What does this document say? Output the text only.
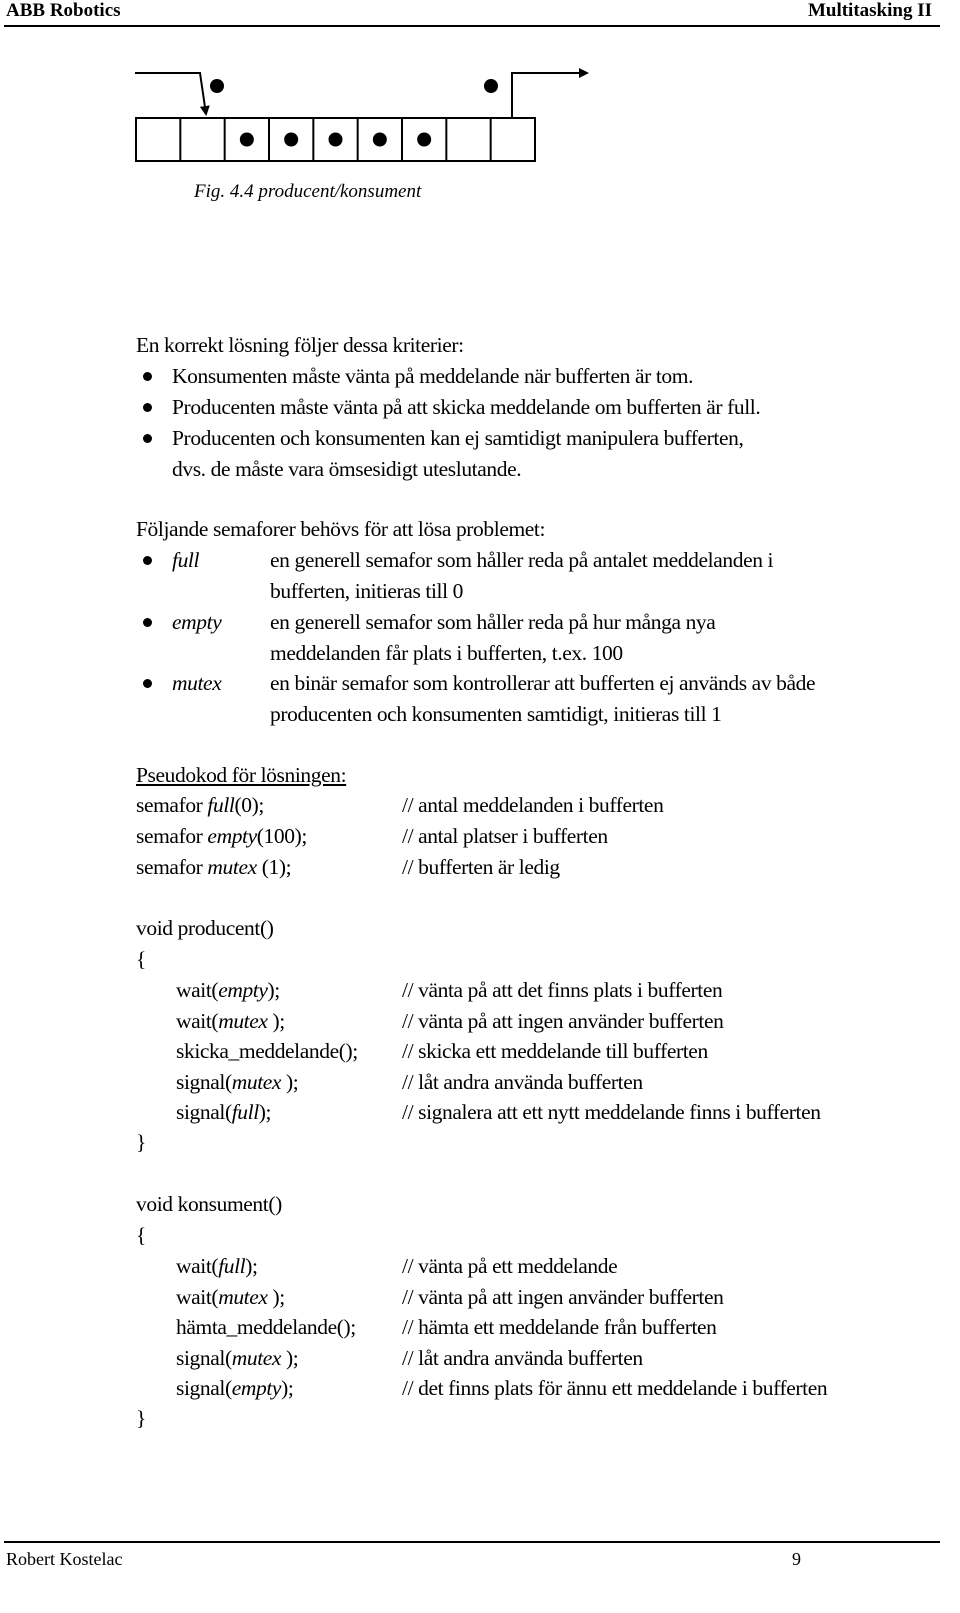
ABB Robotics	Multitasking II
Fig. 4.4 producent/konsument
En korrekt lösning följer dessa kriterier:
Konsumenten måste vänta på meddelande när bufferten är tom.
Producenten måste vänta på att skicka meddelande om bufferten är full.
Producenten och konsumenten kan ej samtidigt manipulera bufferten,
dvs. de måste vara ömsesidigt uteslutande.
Följande semaforer behövs för att lösa problemet:
full	en generell semafor som håller reda på antalet meddelanden i
bufferten, initieras till 0
empty en generell semafor som håller reda på hur många nya
meddelanden får plats i bufferten, t.ex. 100
mutex en binär semafor som kontrollerar att bufferten ej används av både
producenten och konsumenten samtidigt, initieras till 1
Pseudokod för lösningen:
semafor full(0);	// antal meddelanden i bufferten
semafor empty(100);	// antal platser i bufferten
semafor mutex (1);	// bufferten är ledig
void producent()
{
wait(empty);	// vänta på att det finns plats i bufferten
wait(mutex );	// vänta på att ingen använder bufferten
skicka_meddelande(); // skicka ett meddelande till bufferten
signal(mutex );	// låt andra använda bufferten
signal(full);	// signalera att ett nytt meddelande finns i bufferten
}
void konsument()
{
wait(full);	// vänta på ett meddelande
wait(mutex );	// vänta på att ingen använder bufferten
hämta_meddelande(); // hämta ett meddelande från bufferten
signal(mutex );	// låt andra använda bufferten
signal(empty);	// det finns plats för ännu ett meddelande i bufferten
}
Robert Kostelac	9
